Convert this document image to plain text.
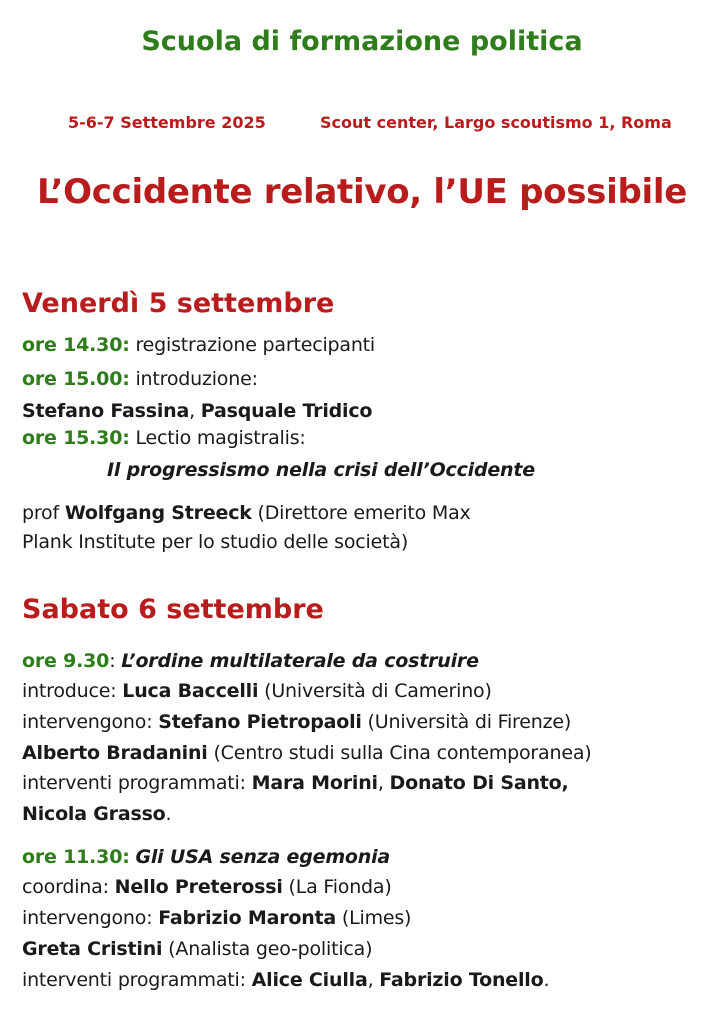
Scuola di formazione politica
5-6-7 Settembre 2025	Scout center, Largo scoutismo 1, Roma
L’Occidente relativo, l’UE possibile
Venerdì 5 settembre
ore 14.30: registrazione partecipanti
ore 15.00: introduzione:
Stefano Fassina, Pasquale Tridico
ore 15.30: Lectio magistralis:
Il progressismo nella crisi dell’Occidente
prof Wolfgang Streeck (Direttore emerito Max
Plank Institute per lo studio delle società)
Sabato 6 settembre
ore 9.30: L’ordine multilaterale da costruire
introduce: Luca Baccelli (Università di Camerino)
intervengono: Stefano Pietropaoli (Università di Firenze)
Alberto Bradanini (Centro studi sulla Cina contemporanea)
interventi programmati: Mara Morini, Donato Di Santo,
Nicola Grasso.
ore 11.30: Gli USA senza egemonia
coordina: Nello Preterossi (La Fionda)
intervengono: Fabrizio Maronta (Limes)
Greta Cristini (Analista geo-politica)
interventi programmati: Alice Ciulla, Fabrizio Tonello.
